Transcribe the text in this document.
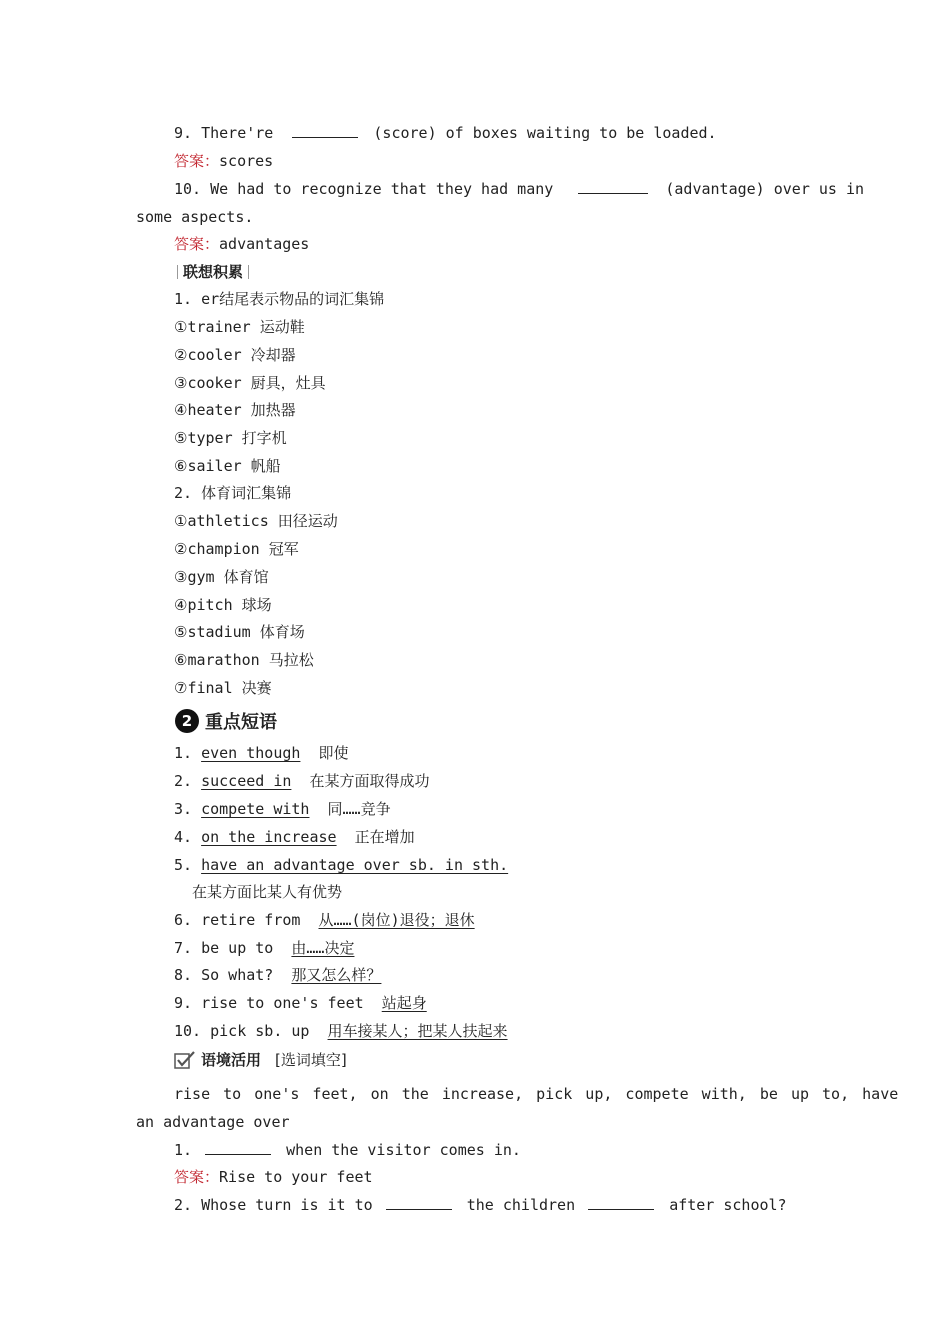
9. There're	(score) of boxes waiting to be loaded.
答案：scores
10. We had to recognize that they had many	(advantage) over us in
some aspects.
答案：advantages
联想积累
1. er结尾表示物品的词汇集锦
①trainer 运动鞋
②cooler 冷却器
③cooker 厨具，灶具
④heater 加热器
⑤typer 打字机
⑥sailer 帆船
2. 体育词汇集锦
①athletics 田径运动
②champion 冠军
③gym 体育馆
④pitch 球场
⑤stadium 体育场
⑥marathon 马拉松
⑦final 决赛
2 重点短语
1. even though 即使
2. succeed in 在某方面取得成功
3. compete with 同……竞争
4. on the increase 正在增加
5. have an advantage over sb. in sth.
在某方面比某人有优势
6. retire from 从……(岗位)退役；退休
7. be up to 由……决定
8. So what? 那又怎么样？
9. rise to one's feet 站起身
10. pick sb. up 用车接某人；把某人扶起来
语境活用 [选词填空]
rise to one's feet, on the increase, pick up, compete with, be up to, have
an advantage over
1.	when the visitor comes in.
答案：Rise to your feet
2. Whose turn is it to	the children	after school?
